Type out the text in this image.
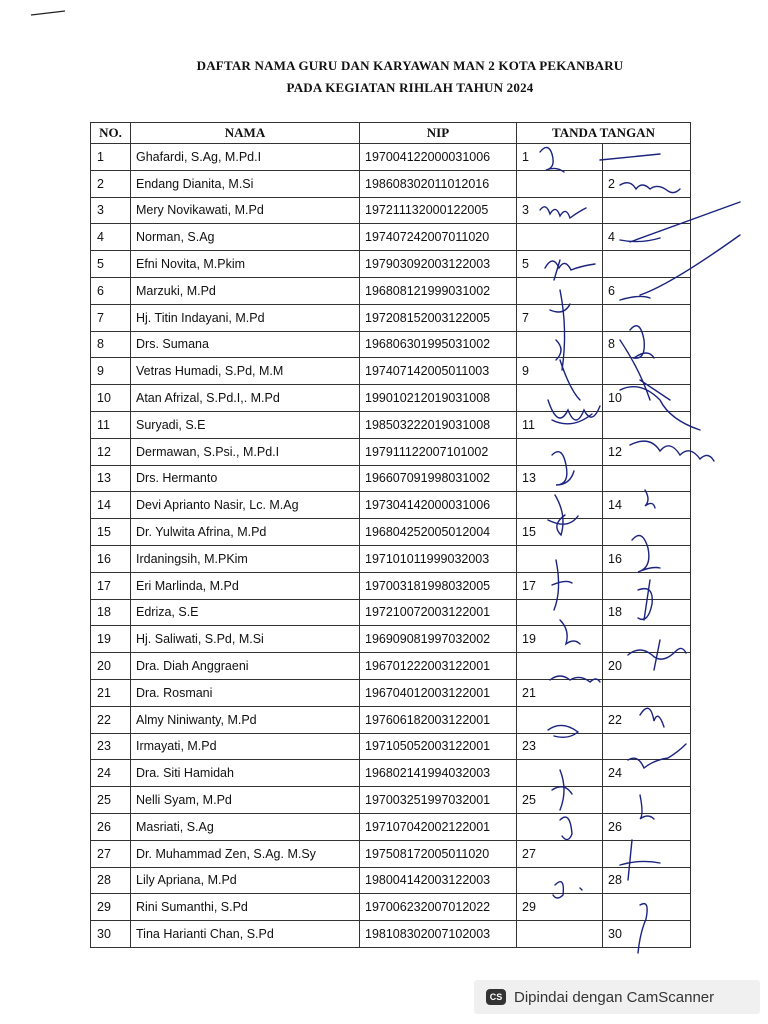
DAFTAR NAMA GURU DAN KARYAWAN MAN 2 KOTA PEKANBARU
PADA KEGIATAN RIHLAH TAHUN 2024
NO.	NAMA	NIP	TANDA TANGAN	
1	Ghafardi, S.Ag, M.Pd.I	197004122000031006	1	
2	Endang Dianita, M.Si	198608302011012016		2
3	Mery Novikawati, M.Pd	197211132000122005	3	
4	Norman, S.Ag	197407242007011020		4
5	Efni Novita, M.Pkim	197903092003122003	5	
6	Marzuki, M.Pd	196808121999031002		6
7	Hj. Titin Indayani, M.Pd	197208152003122005	7	
8	Drs. Sumana	196806301995031002		8
9	Vetras Humadi, S.Pd, M.M	197407142005011003	9	
10	Atan Afrizal, S.Pd.I,. M.Pd	199010212019031008		10
11	Suryadi, S.E	198503222019031008	11	
12	Dermawan, S.Psi., M.Pd.I	197911122007101002		12
13	Drs. Hermanto	196607091998031002	13	
14	Devi Aprianto Nasir, Lc. M.Ag	197304142000031006		14
15	Dr. Yulwita Afrina, M.Pd	196804252005012004	15	
16	Irdaningsih, M.PKim	197101011999032003		16
17	Eri Marlinda, M.Pd	197003181998032005	17	
18	Edriza, S.E	197210072003122001		18
19	Hj. Saliwati, S.Pd, M.Si	196909081997032002	19	
20	Dra. Diah Anggraeni	196701222003122001		20
21	Dra. Rosmani	196704012003122001	21	
22	Almy Niniwanty, M.Pd	197606182003122001		22
23	Irmayati, M.Pd	197105052003122001	23	
24	Dra. Siti Hamidah	196802141994032003		24
25	Nelli Syam, M.Pd	197003251997032001	25	
26	Masriati, S.Ag	197107042002122001		26
27	Dr. Muhammad Zen, S.Ag. M.Sy	197508172005011020	27	
28	Lily Apriana, M.Pd	198004142003122003		28
29	Rini Sumanthi, S.Pd	197006232007012022	29	
30	Tina Harianti Chan, S.Pd	198108302007102003		30
CS Dipindai dengan CamScanner
